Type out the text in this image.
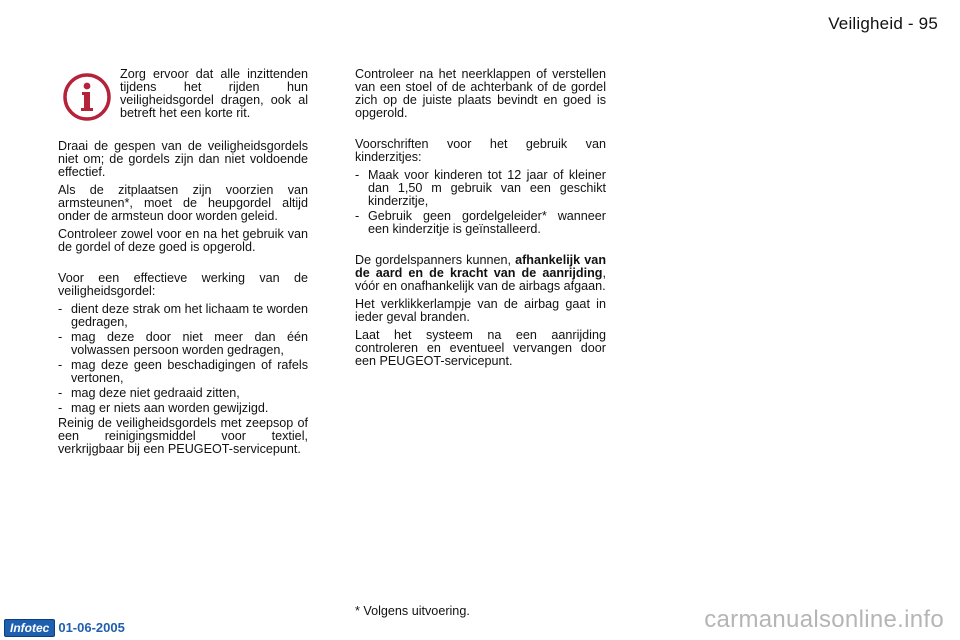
Veiligheid - 95

Zorg ervoor dat alle inzittenden tijdens het rijden hun veiligheidsgordel dragen, ook al betreft het een korte rit.

Draai de gespen van de veiligheidsgordels niet om; de gordels zijn dan niet voldoende effectief.

Als de zitplaatsen zijn voorzien van armsteunen*, moet de heupgordel altijd onder de armsteun door worden geleid.

Controleer zowel voor en na het gebruik van de gordel of deze goed is opgerold.

Voor een effectieve werking van de veiligheidsgordel:

- dient deze strak om het lichaam te worden gedragen,
- mag deze door niet meer dan één volwassen persoon worden gedragen,
- mag deze geen beschadigingen of rafels vertonen,
- mag deze niet gedraaid zitten,
- mag er niets aan worden gewijzigd.

Reinig de veiligheidsgordels met zeepsop of een reinigingsmiddel voor textiel, verkrijgbaar bij een PEUGEOT-servicepunt.

Controleer na het neerklappen of verstellen van een stoel of de achterbank of de gordel zich op de juiste plaats bevindt en goed is opgerold.

Voorschriften voor het gebruik van kinderzitjes:

- Maak voor kinderen tot 12 jaar of kleiner dan 1,50 m gebruik van een geschikt kinderzitje,
- Gebruik geen gordelgeleider* wanneer een kinderzitje is geïnstalleerd.

De gordelspanners kunnen, afhankelijk van de aard en de kracht van de aanrijding, vóór en onafhankelijk van de airbags afgaan.

Het verklikkerlampje van de airbag gaat in ieder geval branden.

Laat het systeem na een aanrijding controleren en eventueel vervangen door een PEUGEOT-servicepunt.

* Volgens uitvoering.
Infotec 01-06-2005	carmanualsonline.info
